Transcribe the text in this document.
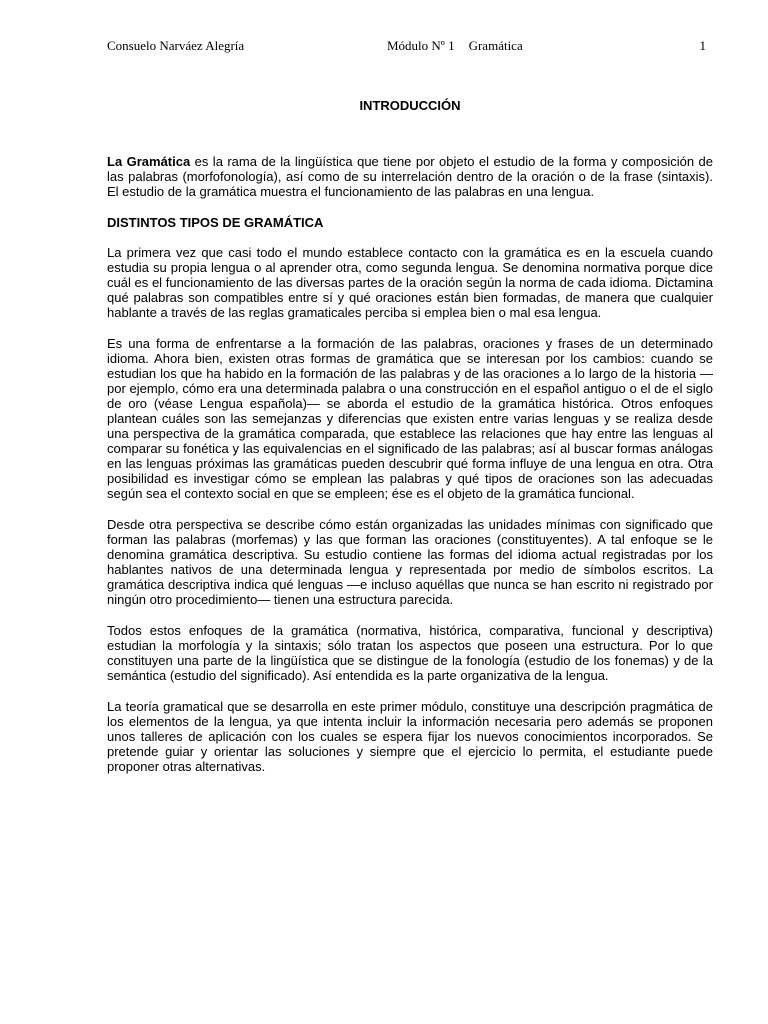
Consuelo Narváez Alegría	Módulo Nº 1 Gramática	1
INTRODUCCIÓN

La Gramática es la rama de la lingüística que tiene por objeto el estudio de la forma y composición de las palabras (morfofonología), así como de su interrelación dentro de la oración o de la frase (sintaxis). El estudio de la gramática muestra el funcionamiento de las palabras en una lengua.

DISTINTOS TIPOS DE GRAMÁTICA

La primera vez que casi todo el mundo establece contacto con la gramática es en la escuela cuando estudia su propia lengua o al aprender otra, como segunda lengua. Se denomina normativa porque dice cuál es el funcionamiento de las diversas partes de la oración según la norma de cada idioma. Dictamina qué palabras son compatibles entre sí y qué oraciones están bien formadas, de manera que cualquier hablante a través de las reglas gramaticales perciba si emplea bien o mal esa lengua.

Es una forma de enfrentarse a la formación de las palabras, oraciones y frases de un determinado idioma. Ahora bien, existen otras formas de gramática que se interesan por los cambios: cuando se estudian los que ha habido en la formación de las palabras y de las oraciones a lo largo de la historia —por ejemplo, cómo era una determinada palabra o una construcción en el español antiguo o el de el siglo de oro (véase Lengua española)— se aborda el estudio de la gramática histórica. Otros enfoques plantean cuáles son las semejanzas y diferencias que existen entre varias lenguas y se realiza desde una perspectiva de la gramática comparada, que establece las relaciones que hay entre las lenguas al comparar su fonética y las equivalencias en el significado de las palabras; así al buscar formas análogas en las lenguas próximas las gramáticas pueden descubrir qué forma influye de una lengua en otra. Otra posibilidad es investigar cómo se emplean las palabras y qué tipos de oraciones son las adecuadas según sea el contexto social en que se empleen; ése es el objeto de la gramática funcional.

Desde otra perspectiva se describe cómo están organizadas las unidades mínimas con significado que forman las palabras (morfemas) y las que forman las oraciones (constituyentes). A tal enfoque se le denomina gramática descriptiva. Su estudio contiene las formas del idioma actual registradas por los hablantes nativos de una determinada lengua y representada por medio de símbolos escritos. La gramática descriptiva indica qué lenguas —e incluso aquéllas que nunca se han escrito ni registrado por ningún otro procedimiento— tienen una estructura parecida.

Todos estos enfoques de la gramática (normativa, histórica, comparativa, funcional y descriptiva) estudian la morfología y la sintaxis; sólo tratan los aspectos que poseen una estructura. Por lo que constituyen una parte de la lingüística que se distingue de la fonología (estudio de los fonemas) y de la semántica (estudio del significado). Así entendida es la parte organizativa de la lengua.

La teoría gramatical que se desarrolla en este primer módulo, constituye una descripción pragmática de los elementos de la lengua, ya que intenta incluir la información necesaria pero además se proponen unos talleres de aplicación con los cuales se espera fijar los nuevos conocimientos incorporados. Se pretende guiar y orientar las soluciones y siempre que el ejercicio lo permita, el estudiante puede proponer otras alternativas.
